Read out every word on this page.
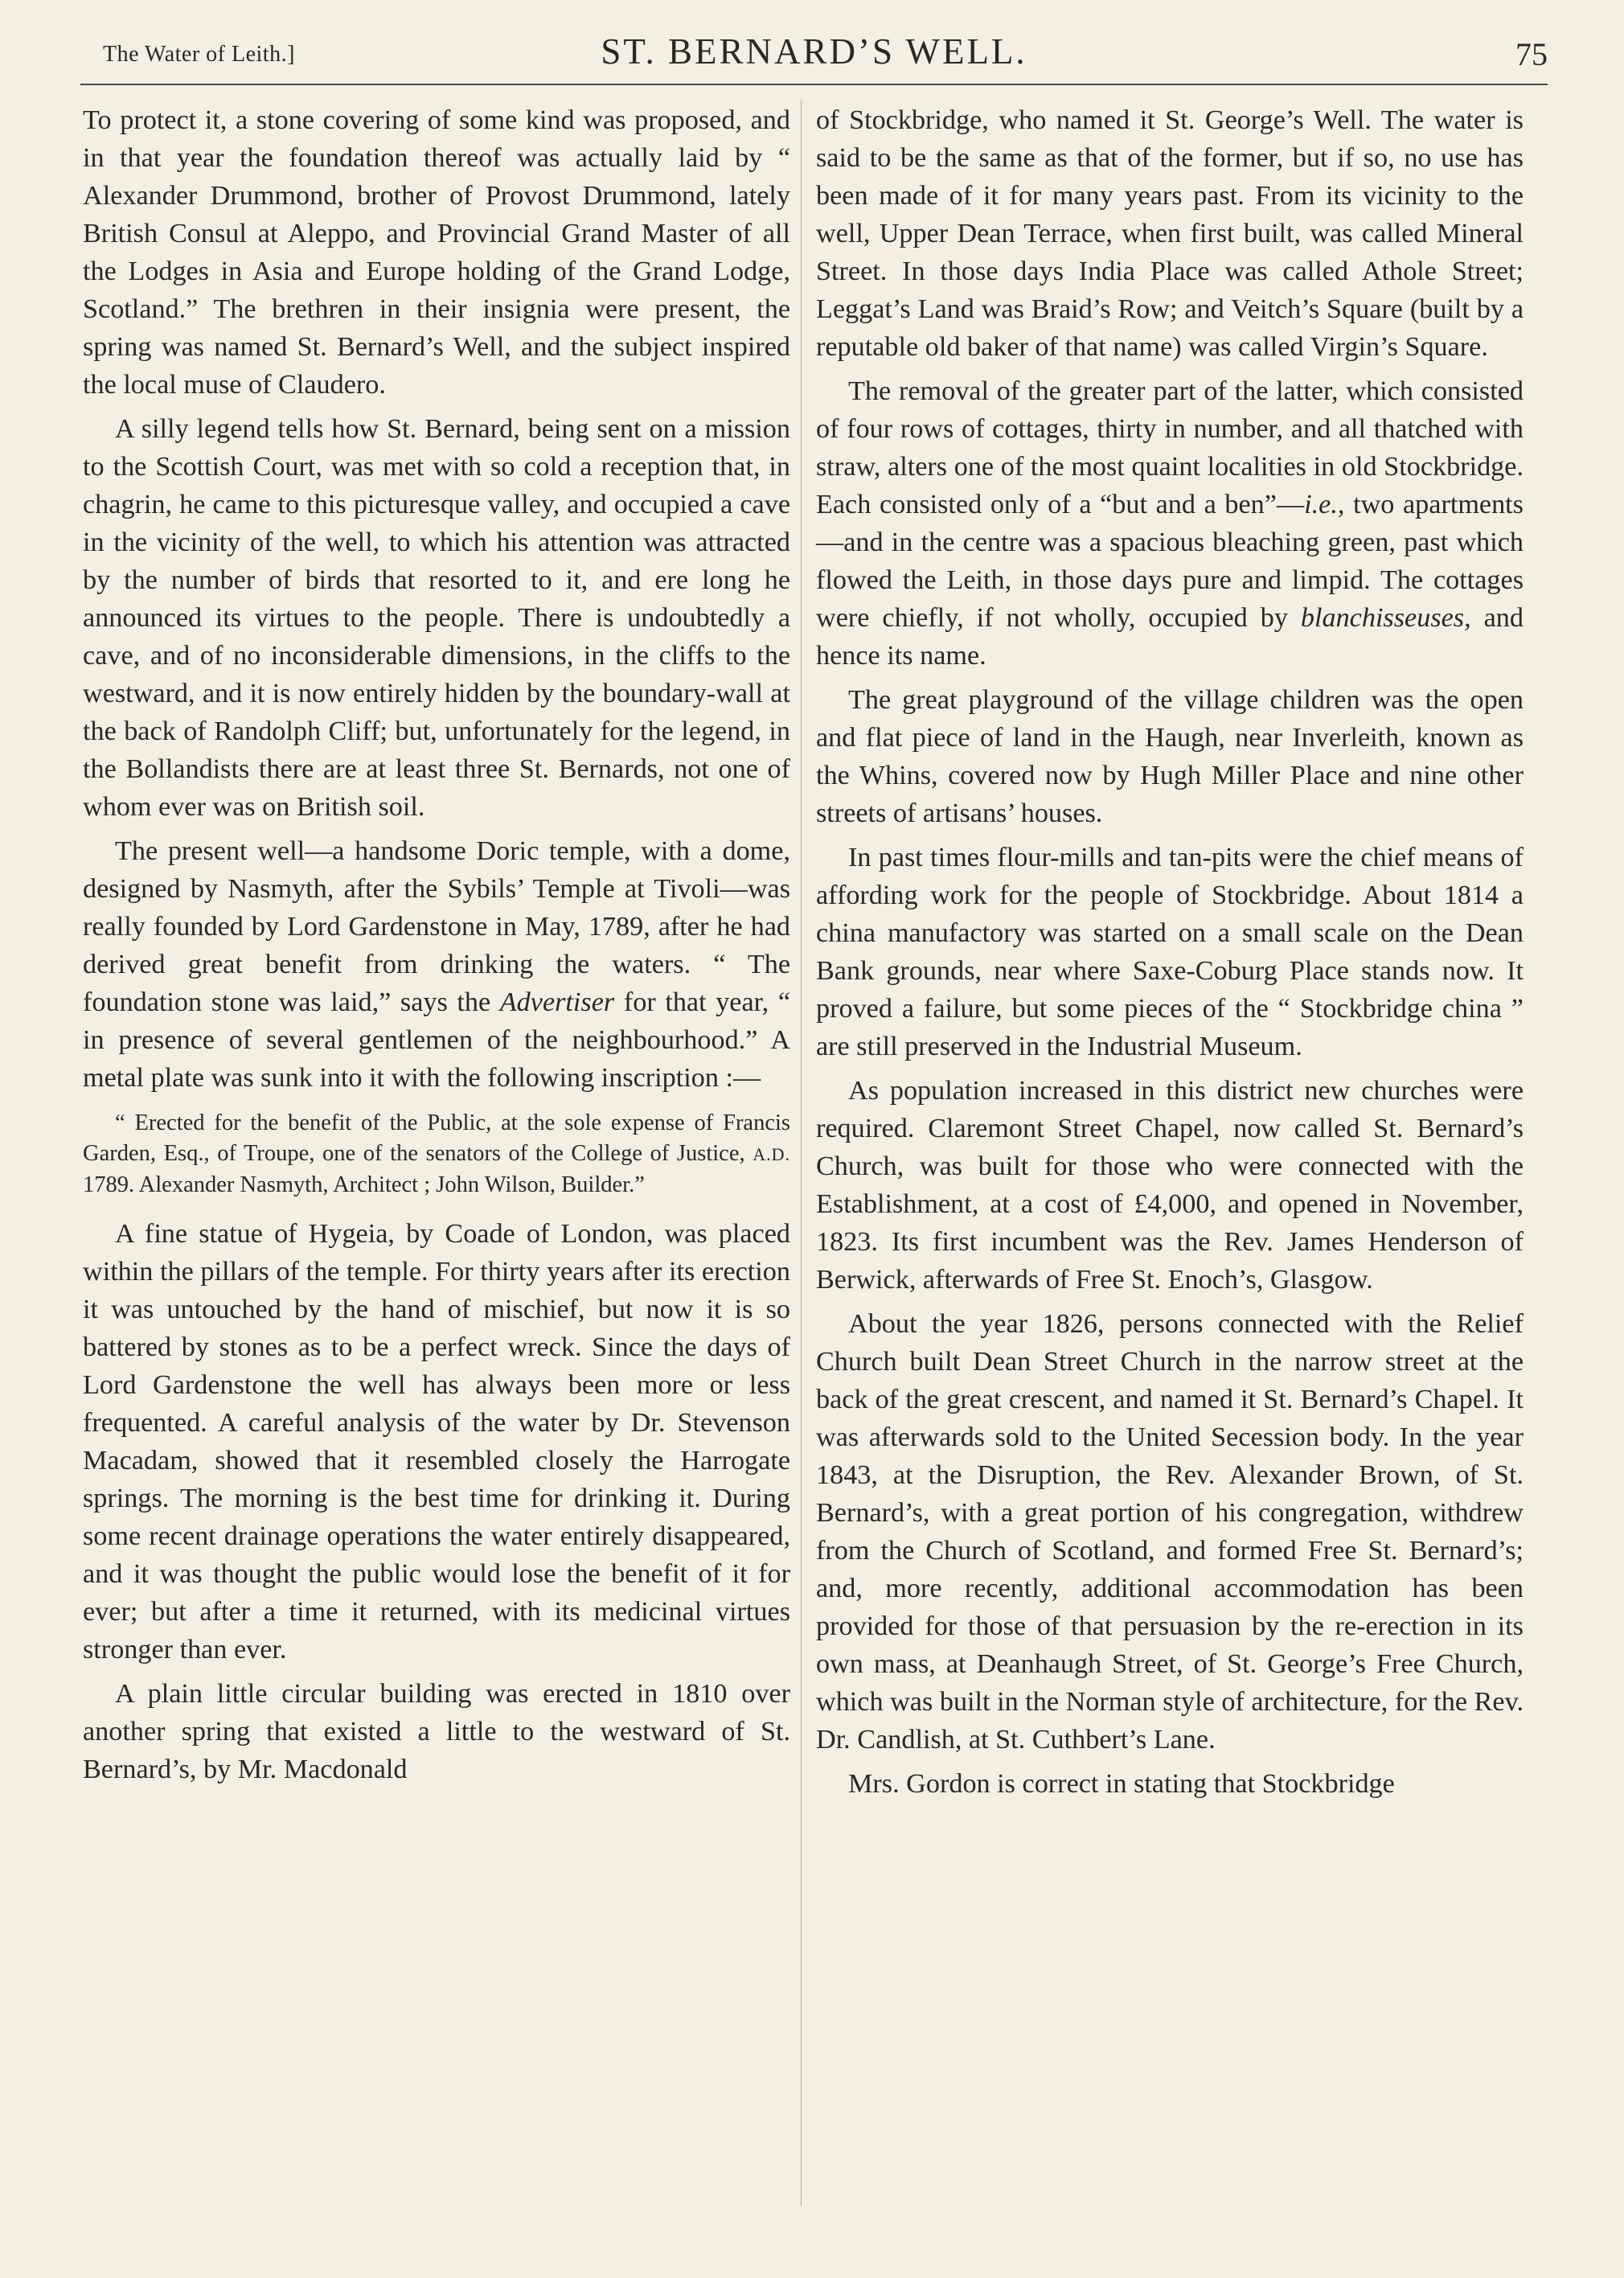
The Water of Leith.]	ST. BERNARD’S WELL.	75

To protect it, a stone covering of some kind was proposed, and in that year the foundation thereof was actually laid by “ Alexander Drummond, brother of Provost Drummond, lately British Consul at Aleppo, and Provincial Grand Master of all the Lodges in Asia and Europe holding of the Grand Lodge, Scotland.” The brethren in their insignia were present, the spring was named St. Bernard’s Well, and the subject inspired the local muse of Claudero.

A silly legend tells how St. Bernard, being sent on a mission to the Scottish Court, was met with so cold a reception that, in chagrin, he came to this picturesque valley, and occupied a cave in the vicinity of the well, to which his attention was attracted by the number of birds that resorted to it, and ere long he announced its virtues to the people. There is undoubtedly a cave, and of no inconsiderable dimensions, in the cliffs to the westward, and it is now entirely hidden by the boundary-wall at the back of Randolph Cliff; but, unfortunately for the legend, in the Bollandists there are at least three St. Bernards, not one of whom ever was on British soil.

The present well—a handsome Doric temple, with a dome, designed by Nasmyth, after the Sybils’ Temple at Tivoli—was really founded by Lord Gardenstone in May, 1789, after he had derived great benefit from drinking the waters. “ The foundation stone was laid,” says the Advertiser for that year, “ in presence of several gentlemen of the neighbourhood.” A metal plate was sunk into it with the following inscription :—

“ Erected for the benefit of the Public, at the sole expense of Francis Garden, Esq., of Troupe, one of the senators of the College of Justice, A.D. 1789. Alexander Nasmyth, Architect ; John Wilson, Builder.”

A fine statue of Hygeia, by Coade of London, was placed within the pillars of the temple. For thirty years after its erection it was untouched by the hand of mischief, but now it is so battered by stones as to be a perfect wreck. Since the days of Lord Gardenstone the well has always been more or less frequented. A careful analysis of the water by Dr. Stevenson Macadam, showed that it resembled closely the Harrogate springs. The morning is the best time for drinking it. During some recent drainage operations the water entirely disappeared, and it was thought the public would lose the benefit of it for ever; but after a time it returned, with its medicinal virtues stronger than ever.

A plain little circular building was erected in 1810 over another spring that existed a little to the westward of St. Bernard’s, by Mr. Macdonald

of Stockbridge, who named it St. George’s Well. The water is said to be the same as that of the former, but if so, no use has been made of it for many years past. From its vicinity to the well, Upper Dean Terrace, when first built, was called Mineral Street. In those days India Place was called Athole Street; Leggat’s Land was Braid’s Row; and Veitch’s Square (built by a reputable old baker of that name) was called Virgin’s Square.

The removal of the greater part of the latter, which consisted of four rows of cottages, thirty in number, and all thatched with straw, alters one of the most quaint localities in old Stockbridge. Each consisted only of a “but and a ben”—i.e., two apartments—and in the centre was a spacious bleaching green, past which flowed the Leith, in those days pure and limpid. The cottages were chiefly, if not wholly, occupied by blanchisseuses, and hence its name.

The great playground of the village children was the open and flat piece of land in the Haugh, near Inverleith, known as the Whins, covered now by Hugh Miller Place and nine other streets of artisans’ houses.

In past times flour-mills and tan-pits were the chief means of affording work for the people of Stockbridge. About 1814 a china manufactory was started on a small scale on the Dean Bank grounds, near where Saxe-Coburg Place stands now. It proved a failure, but some pieces of the “ Stockbridge china ” are still preserved in the Industrial Museum.

As population increased in this district new churches were required. Claremont Street Chapel, now called St. Bernard’s Church, was built for those who were connected with the Establishment, at a cost of £4,000, and opened in November, 1823. Its first incumbent was the Rev. James Henderson of Berwick, afterwards of Free St. Enoch’s, Glasgow.

About the year 1826, persons connected with the Relief Church built Dean Street Church in the narrow street at the back of the great crescent, and named it St. Bernard’s Chapel. It was afterwards sold to the United Secession body. In the year 1843, at the Disruption, the Rev. Alexander Brown, of St. Bernard’s, with a great portion of his congregation, withdrew from the Church of Scotland, and formed Free St. Bernard’s; and, more recently, additional accommodation has been provided for those of that persuasion by the re-erection in its own mass, at Deanhaugh Street, of St. George’s Free Church, which was built in the Norman style of architecture, for the Rev. Dr. Candlish, at St. Cuthbert’s Lane.

Mrs. Gordon is correct in stating that Stockbridge
